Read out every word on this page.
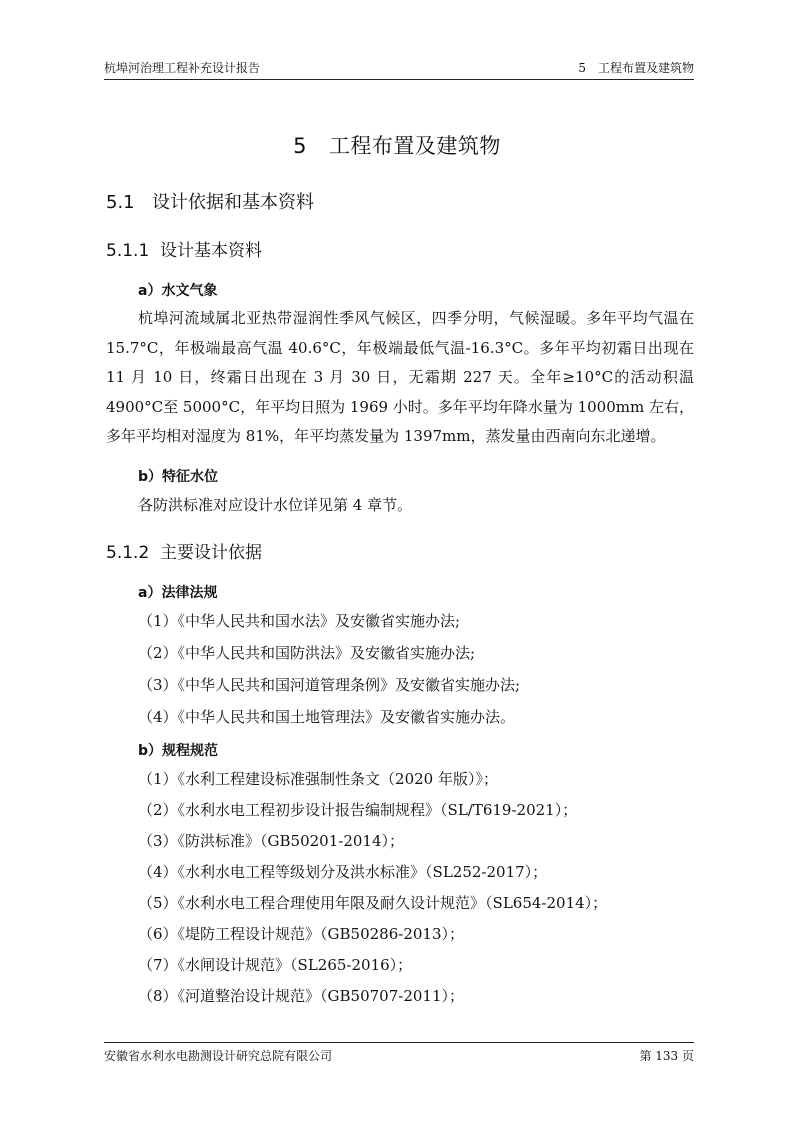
杭埠河治理工程补充设计报告	5　工程布置及建筑物
5 工程布置及建筑物
5.1 设计依据和基本资料
5.1.1 设计基本资料
a）水文气象

杭埠河流域属北亚热带湿润性季风气候区，四季分明，气候湿暖。多年平均气温在 15.7°C，年极端最高气温 40.6°C，年极端最低气温-16.3°C。多年平均初霜日出现在 11 月 10 日，终霜日出现在 3 月 30 日，无霜期 227 天。全年≥10°C的活动积温 4900°C至 5000°C，年平均日照为 1969 小时。多年平均年降水量为 1000mm 左右，多年平均相对湿度为 81%，年平均蒸发量为 1397mm，蒸发量由西南向东北递增。

b）特征水位
各防洪标准对应设计水位详见第 4 章节。
5.1.2 主要设计依据
a）法律法规
（1）《中华人民共和国水法》及安徽省实施办法;
（2）《中华人民共和国防洪法》及安徽省实施办法;
（3）《中华人民共和国河道管理条例》及安徽省实施办法;
（4）《中华人民共和国土地管理法》及安徽省实施办法。
b）规程规范
（1）《水利工程建设标准强制性条文（2020 年版）》；
（2）《水利水电工程初步设计报告编制规程》（SL/T619-2021）；
（3）《防洪标准》（GB50201-2014）；
（4）《水利水电工程等级划分及洪水标准》（SL252-2017）；
（5）《水利水电工程合理使用年限及耐久设计规范》（SL654-2014）；
（6）《堤防工程设计规范》（GB50286-2013）；
（7）《水闸设计规范》（SL265-2016）；
（8）《河道整治设计规范》（GB50707-2011）；
安徽省水利水电勘测设计研究总院有限公司	第 133 页
